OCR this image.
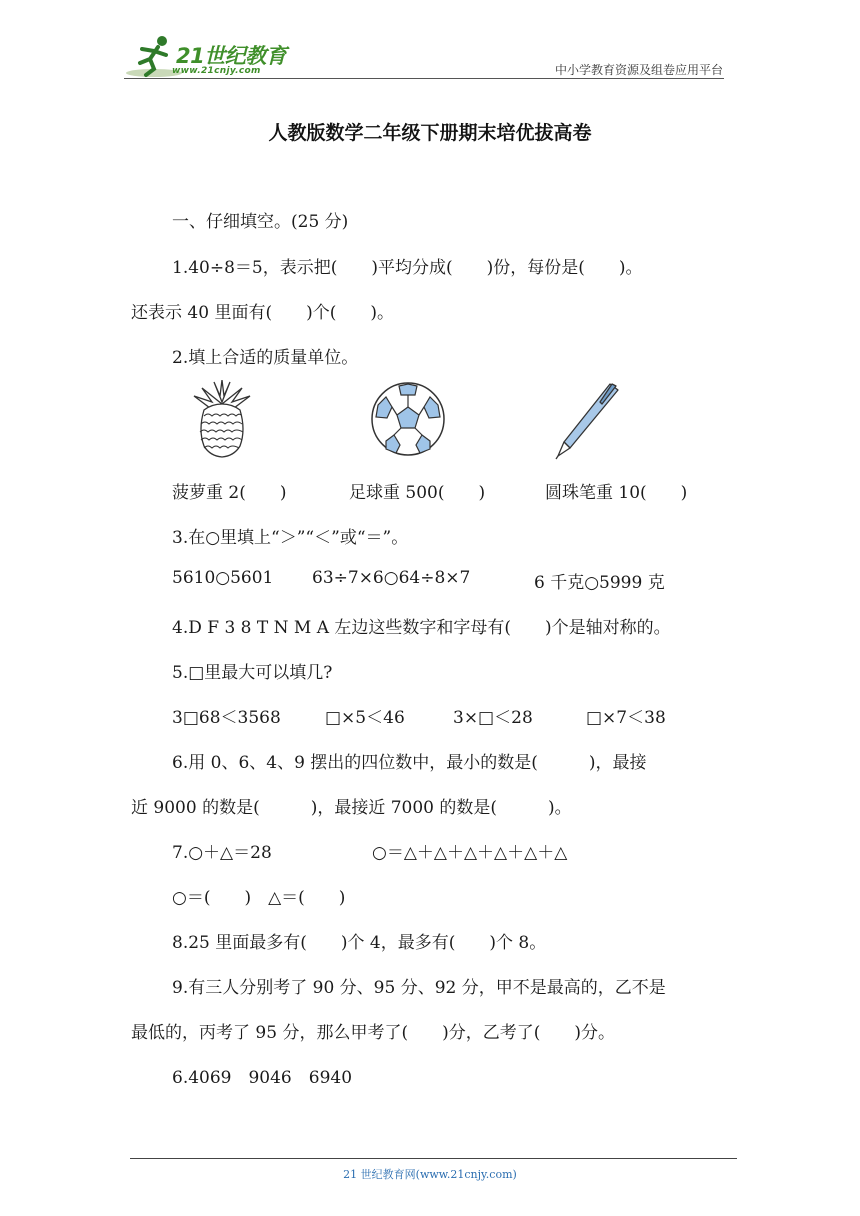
21世纪教育
www.21cnjy.com	中小学教育资源及组卷应用平台
人教版数学二年级下册期末培优拔高卷
一、仔细填空。(25 分)
1.40÷8＝5，表示把(　　)平均分成(　　)份，每份是(　　)。
还表示 40 里面有(　　)个(　　)。
2.填上合适的质量单位。
菠萝重 2(　　)	足球重 500(　　)	圆珠笔重 10(　　)
3.在○里填上“＞”“＜”或“＝”。
5610○5601 63÷7×6○64÷8×7	6 千克○5999 克
4.D F 3 8 T N M A 左边这些数字和字母有(　　)个是轴对称的。
5.□里最大可以填几?
3□68＜3568	□×5＜46	3×□＜28	□×7＜38
6.用 0、6、4、9 摆出的四位数中，最小的数是(　　　)，最接
近 9000 的数是(　　　)，最接近 7000 的数是(　　　)。
7.○＋△＝28	○＝△＋△＋△＋△＋△＋△
○＝(　　)　△＝(　　)
8.25 里面最多有(　　)个 4，最多有(　　)个 8。
9.有三人分别考了 90 分、95 分、92 分，甲不是最高的，乙不是
最低的，丙考了 95 分，那么甲考了(　　)分，乙考了(　　)分。
6.4069　9046　6940
21 世纪教育网(www.21cnjy.com)
